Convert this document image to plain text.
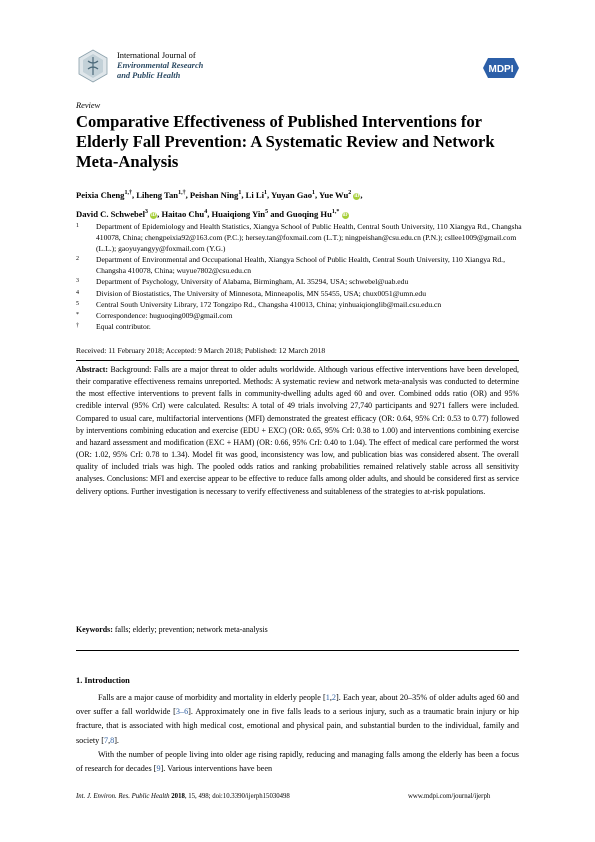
International Journal of
Environmental Research
and Public Health
MDPI
Review
Comparative Effectiveness of Published Interventions for Elderly Fall Prevention: A Systematic Review and Network Meta-Analysis
Peixia Cheng$^{1,\dagger}$, Liheng Tan$^{1,\dagger}$, Peishan Ning$^1$, Li Li$^1$, Yuyan Gao$^1$, Yue Wu$^2$ iD,
David C. Schwebel$^3$ iD, Haitao Chu$^4$, Huaiqiong Yin$^5$ and Guoqing $Hu^{1,*}$ iD
1	Department of Epidemiology and Health Statistics, Xiangya School of Public Health, Central South University, 110 Xiangya Rd., Changsha 410078, China; chengpeixia92@163.com (P.C.); hersey.tan@foxmail.com (L.T.); ningpeishan@csu.edu.cn (P.N.); csllee1009@gmail.com (L.L.); gaoyuyangyy@foxmail.com (Y.G.)
2	Department of Environmental and Occupational Health, Xiangya School of Public Health, Central South University, 110 Xiangya Rd., Changsha 410078, China; wuyue7802@csu.edu.cn
3	Department of Psychology, University of Alabama, Birmingham, AL 35294, USA; schwebel@uab.edu
4	Division of Biostatistics, The University of Minnesota, Minneapolis, MN 55455, USA; chux0051@umn.edu
5	Central South University Library, 172 Tongzipo Rd., Changsha 410013, China; yinhuaiqionglib@mail.csu.edu.cn
*	Correspondence: huguoqing009@gmail.com
†	Equal contributor.
Received: 11 February 2018; Accepted: 9 March 2018; Published: 12 March 2018

Abstract: Background: Falls are a major threat to older adults worldwide. Although various effective interventions have been developed, their comparative effectiveness remains unreported. Methods: A systematic review and network meta-analysis was conducted to determine the most effective interventions to prevent falls in community-dwelling adults aged 60 and over. Combined odds ratio (OR) and 95% credible interval (95% CrI) were calculated. Results: A total of 49 trials involving 27,740 participants and 9271 fallers were included. Compared to usual care, multifactorial interventions (MFI) demonstrated the greatest efficacy (OR: 0.64, 95% CrI: 0.53 to 0.77) followed by interventions combining education and exercise (EDU + EXC) (OR: 0.65, 95% CrI: 0.38 to 1.00) and interventions combining exercise and hazard assessment and modification (EXC + HAM) (OR: 0.66, 95% CrI: 0.40 to 1.04). The effect of medical care performed the worst (OR: 1.02, 95% CrI: 0.78 to 1.34). Model fit was good, inconsistency was low, and publication bias was considered absent. The overall quality of included trials was high. The pooled odds ratios and ranking probabilities remained relatively stable across all sensitivity analyses. Conclusions: MFI and exercise appear to be effective to reduce falls among older adults, and should be considered first as service delivery options. Further investigation is necessary to verify effectiveness and suitableness of the strategies to at-risk populations.

Keywords: falls; elderly; prevention; network meta-analysis
1. Introduction

Falls are a major cause of morbidity and mortality in elderly people [1,2]. Each year, about 20–35% of older adults aged 60 and over suffer a fall worldwide [3–6]. Approximately one in five falls leads to a serious injury, such as a traumatic brain injury or hip fracture, that is associated with high medical cost, emotional and physical pain, and substantial burden to the individual, family and society [7,8].

With the number of people living into older age rising rapidly, reducing and managing falls among the elderly has been a focus of research for decades [9]. Various interventions have been

Int. J. Environ. Res. Public Health 2018, 15, 498; doi:10.3390/ijerph15030498	www.mdpi.com/journal/ijerph
